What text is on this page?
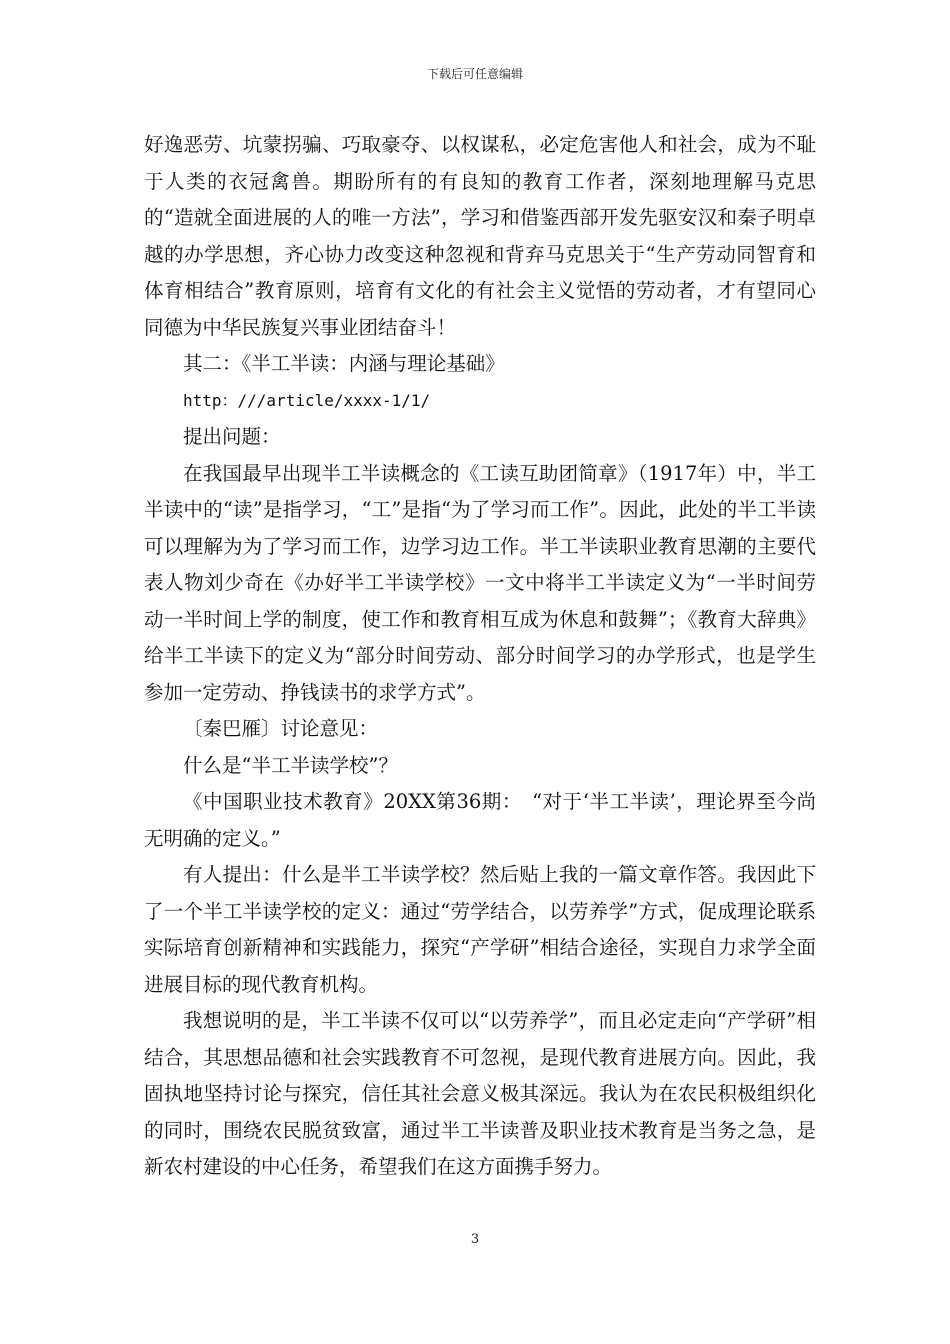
下载后可任意编辑

好逸恶劳、坑蒙拐骗、巧取豪夺、以权谋私，必定危害他人和社会，成为不耻于人类的衣冠禽兽。期盼所有的有良知的教育工作者，深刻地理解马克思的“造就全面进展的人的唯一方法”，学习和借鉴西部开发先驱安汉和秦子明卓越的办学思想，齐心协力改变这种忽视和背弃马克思关于“生产劳动同智育和体育相结合”教育原则，培育有文化的有社会主义觉悟的劳动者，才有望同心同德为中华民族复兴事业团结奋斗！

其二：《半工半读：内涵与理论基础》

http：///article/xxxx-1/1/

提出问题：

在我国最早出现半工半读概念的《工读互助团简章》（1917年）中，半工半读中的“读”是指学习，“工”是指“为了学习而工作”。因此，此处的半工半读可以理解为为了学习而工作，边学习边工作。半工半读职业教育思潮的主要代表人物刘少奇在《办好半工半读学校》一文中将半工半读定义为“一半时间劳动一半时间上学的制度，使工作和教育相互成为休息和鼓舞”；《教育大辞典》给半工半读下的定义为“部分时间劳动、部分时间学习的办学形式，也是学生参加一定劳动、挣钱读书的求学方式”。

〔秦巴雁〕讨论意见：

什么是“半工半读学校”？

《中国职业技术教育》20XX第36期：　“对于‘半工半读’，理论界至今尚无明确的定义。”

有人提出：什么是半工半读学校？然后贴上我的一篇文章作答。我因此下了一个半工半读学校的定义：通过“劳学结合，以劳养学”方式，促成理论联系实际培育创新精神和实践能力，探究“产学研”相结合途径，实现自力求学全面进展目标的现代教育机构。

我想说明的是，半工半读不仅可以“以劳养学”，而且必定走向“产学研”相结合，其思想品德和社会实践教育不可忽视，是现代教育进展方向。因此，我固执地坚持讨论与探究，信任其社会意义极其深远。我认为在农民积极组织化的同时，围绕农民脱贫致富，通过半工半读普及职业技术教育是当务之急，是新农村建设的中心任务，希望我们在这方面携手努力。

3
